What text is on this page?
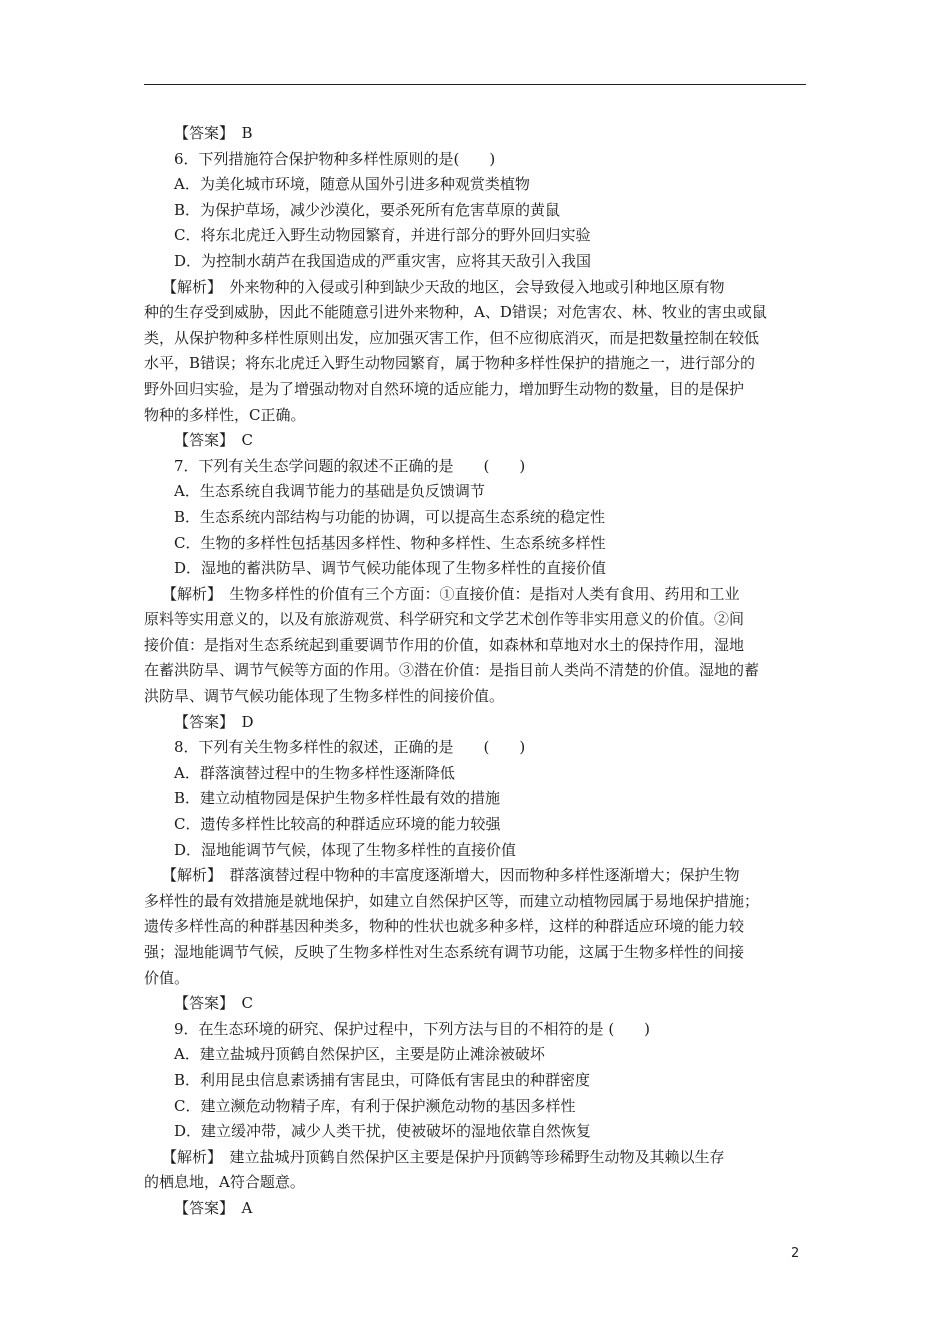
【答案】　B
6．下列措施符合保护物种多样性原则的是(　　)
A．为美化城市环境，随意从国外引进多种观赏类植物
B．为保护草场，减少沙漠化，要杀死所有危害草原的黄鼠
C．将东北虎迁入野生动物园繁育，并进行部分的野外回归实验
D．为控制水葫芦在我国造成的严重灾害，应将其天敌引入我国
【解析】　外来物种的入侵或引种到缺少天敌的地区，会导致侵入地或引种地区原有物
种的生存受到威胁，因此不能随意引进外来物种，A、D错误；对危害农、林、牧业的害虫或鼠
类，从保护物种多样性原则出发，应加强灭害工作，但不应彻底消灭，而是把数量控制在较低
水平，B错误；将东北虎迁入野生动物园繁育，属于物种多样性保护的措施之一，进行部分的
野外回归实验，是为了增强动物对自然环境的适应能力，增加野生动物的数量，目的是保护
物种的多样性，C正确。
【答案】　C
7．下列有关生态学问题的叙述不正确的是　　(　　)
A．生态系统自我调节能力的基础是负反馈调节
B．生态系统内部结构与功能的协调，可以提高生态系统的稳定性
C．生物的多样性包括基因多样性、物种多样性、生态系统多样性
D．湿地的蓄洪防旱、调节气候功能体现了生物多样性的直接价值
【解析】　生物多样性的价值有三个方面：①直接价值：是指对人类有食用、药用和工业
原料等实用意义的，以及有旅游观赏、科学研究和文学艺术创作等非实用意义的价值。②间
接价值：是指对生态系统起到重要调节作用的价值，如森林和草地对水土的保持作用，湿地
在蓄洪防旱、调节气候等方面的作用。③潜在价值：是指目前人类尚不清楚的价值。湿地的蓄
洪防旱、调节气候功能体现了生物多样性的间接价值。
【答案】　D
8．下列有关生物多样性的叙述，正确的是　　(　　)
A．群落演替过程中的生物多样性逐渐降低
B．建立动植物园是保护生物多样性最有效的措施
C．遗传多样性比较高的种群适应环境的能力较强
D．湿地能调节气候，体现了生物多样性的直接价值
【解析】　群落演替过程中物种的丰富度逐渐增大，因而物种多样性逐渐增大；保护生物
多样性的最有效措施是就地保护，如建立自然保护区等，而建立动植物园属于易地保护措施；
遗传多样性高的种群基因种类多，物种的性状也就多种多样，这样的种群适应环境的能力较
强；湿地能调节气候，反映了生物多样性对生态系统有调节功能，这属于生物多样性的间接
价值。
【答案】　C
9．在生态环境的研究、保护过程中，下列方法与目的不相符的是 (　　)
A．建立盐城丹顶鹤自然保护区，主要是防止滩涂被破坏
B．利用昆虫信息素诱捕有害昆虫，可降低有害昆虫的种群密度
C．建立濒危动物精子库，有利于保护濒危动物的基因多样性
D．建立缓冲带，减少人类干扰，使被破坏的湿地依靠自然恢复
【解析】　建立盐城丹顶鹤自然保护区主要是保护丹顶鹤等珍稀野生动物及其赖以生存
的栖息地，A符合题意。
【答案】　A
2
